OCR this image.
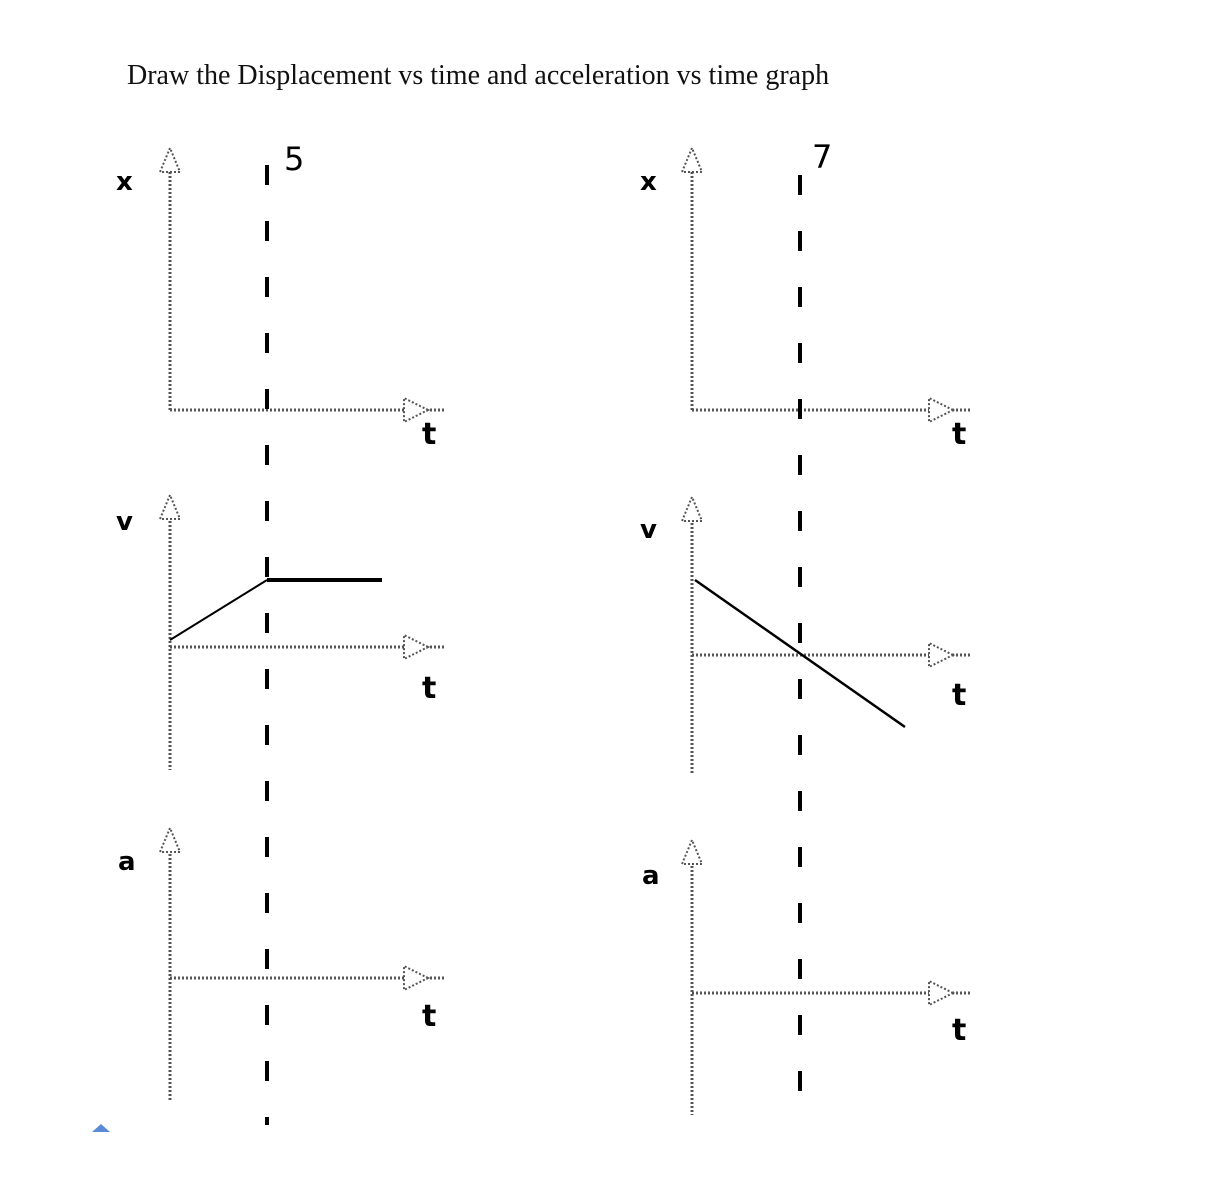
Draw the Displacement vs time and acceleration vs time graph
x
t
v
t
a
t
5
x
t
v
t
a
t
7
